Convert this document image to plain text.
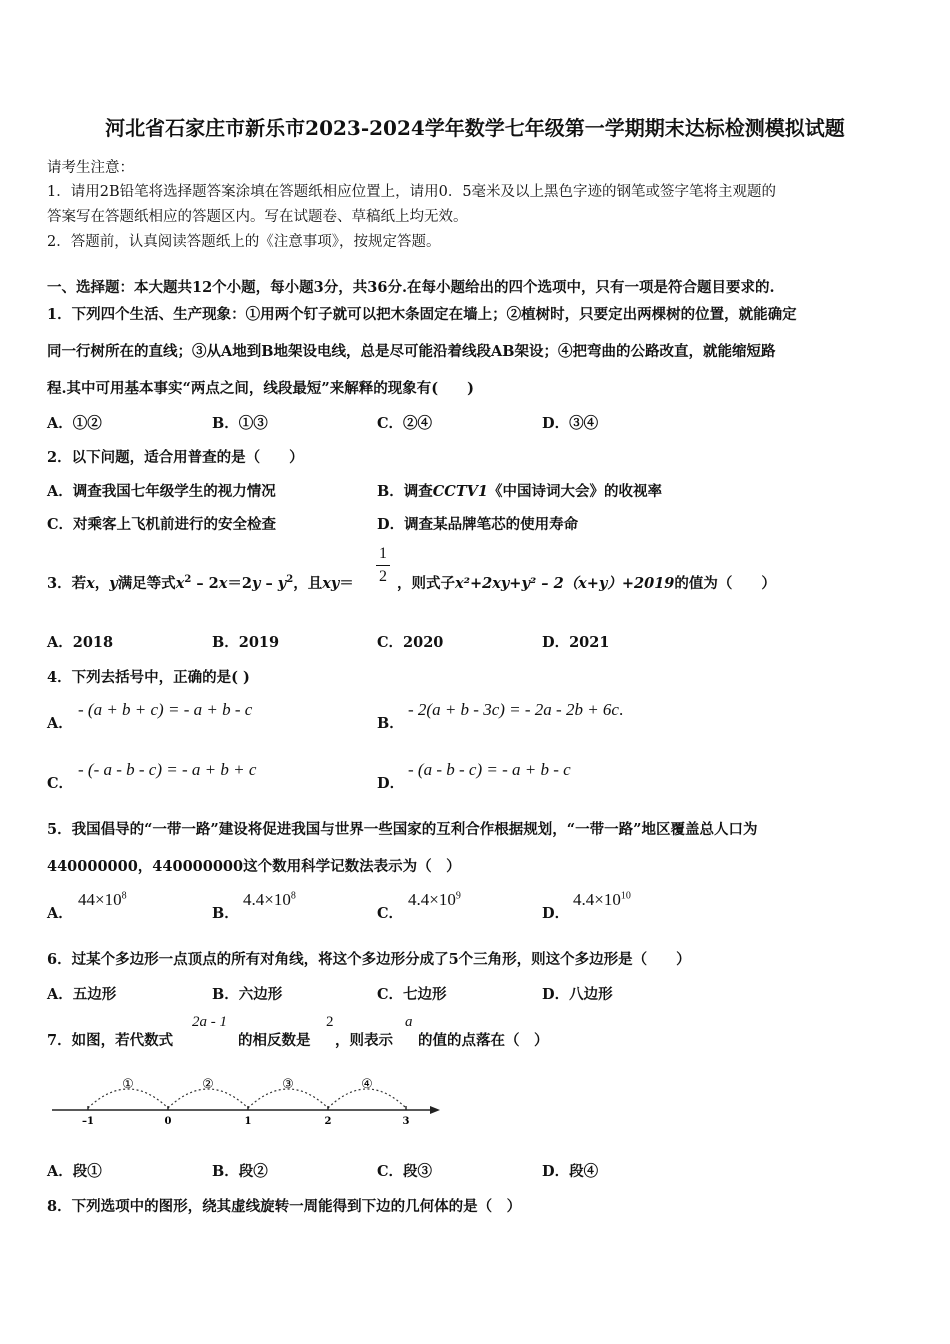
河北省石家庄市新乐市2023-2024学年数学七年级第一学期期末达标检测模拟试题
请考生注意：
1．请用2B铅笔将选择题答案涂填在答题纸相应位置上，请用0．5毫米及以上黑色字迹的钢笔或签字笔将主观题的
答案写在答题纸相应的答题区内。写在试题卷、草稿纸上均无效。
2．答题前，认真阅读答题纸上的《注意事项》，按规定答题。
一、选择题：本大题共12个小题，每小题3分，共36分.在每小题给出的四个选项中，只有一项是符合题目要求的.
1．下列四个生活、生产现象：①用两个钉子就可以把木条固定在墙上；②植树时，只要定出两棵树的位置，就能确定
同一行树所在的直线；③从A地到B地架设电线，总是尽可能沿着线段AB架设；④把弯曲的公路改直，就能缩短路
程.其中可用基本事实“两点之间，线段最短”来解释的现象有(　　)
A．①②	B．①③	C．②④	D．③④
2．以下问题，适合用普查的是（　　）
A．调查我国七年级学生的视力情况	B．调查CCTV1《中国诗词大会》的收视率
C．对乘客上飞机前进行的安全检查	D．调查某品牌笔芯的使用寿命
3．若x，y满足等式$x^2 - 2x=2y - y^2$，且xy＝
1
2 ，则式子x²+2xy+y² – 2（x+y）+2019的值为（　　）
A．2018	B．2019	C．2020	D．2021
4．下列去括号中，正确的是( )
A．
- (a + b + c) = - a + b - c
B．
- 2(a + b - 3c) = - 2a - 2b + 6c.
C．
- (- a - b - c) = - a + b + c
D．
- (a - b - c) = - a + b - c
5．我国倡导的“一带一路”建设将促进我国与世界一些国家的互利合作根据规划，“一带一路”地区覆盖总人口为
440000000，440000000这个数用科学记数法表示为（　）
A．
$44\times 10^8$
B．
$4.4\times 10^8$
C．
$4.4\times 10^9$
D．
$4.4\times 10^{10}$
6．过某个多边形一点顶点的所有对角线，将这个多边形分成了5个三角形，则这个多边形是（　　）
A．五边形	B．六边形	C．七边形	D．八边形
7．如图，若代数式
2a - 1
的相反数是
2
，则表示
a
的值的点落在（　）
①	②	③	④
–1	0	1	2	3
A．段①	B．段②	C．段③	D．段④
8．下列选项中的图形，绕其虚线旋转一周能得到下边的几何体的是（　）
